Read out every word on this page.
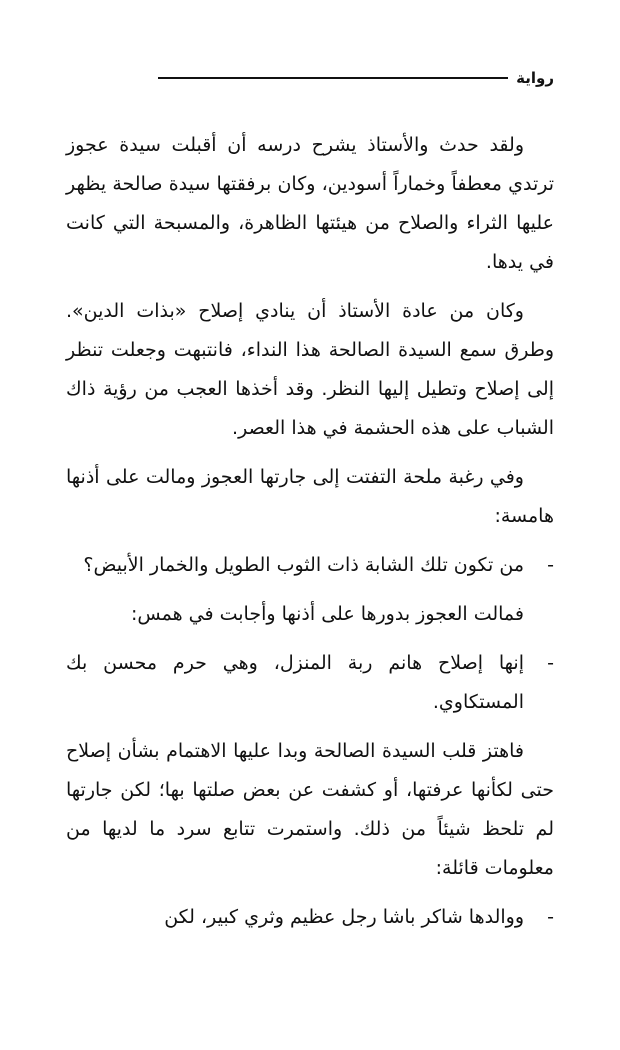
رواية

ولقد حدث والأستاذ يشرح درسه أن أقبلت سيدة عجوز ترتدي معطفاً وخماراً أسودين، وكان برفقتها سيدة صالحة يظهر عليها الثراء والصلاح من هيئتها الظاهرة، والمسبحة التي كانت في يدها.

وكان من عادة الأستاذ أن ينادي إصلاح «بذات الدين». وطرق سمع السيدة الصالحة هذا النداء، فانتبهت وجعلت تنظر إلى إصلاح وتطيل إليها النظر. وقد أخذها العجب من رؤية ذاك الشباب على هذه الحشمة في هذا العصر.

وفي رغبة ملحة التفتت إلى جارتها العجوز ومالت على أذنها هامسة:

-من تكون تلك الشابة ذات الثوب الطويل والخمار الأبيض؟

فمالت العجوز بدورها على أذنها وأجابت في همس:

-إنها إصلاح هانم ربة المنزل، وهي حرم محسن بك المستكاوي.

فاهتز قلب السيدة الصالحة وبدا عليها الاهتمام بشأن إصلاح حتى لكأنها عرفتها، أو كشفت عن بعض صلتها بها؛ لكن جارتها لم تلحظ شيئاً من ذلك. واستمرت تتابع سرد ما لديها من معلومات قائلة:

-ووالدها شاكر باشا رجل عظيم وثري كبير، لكن
